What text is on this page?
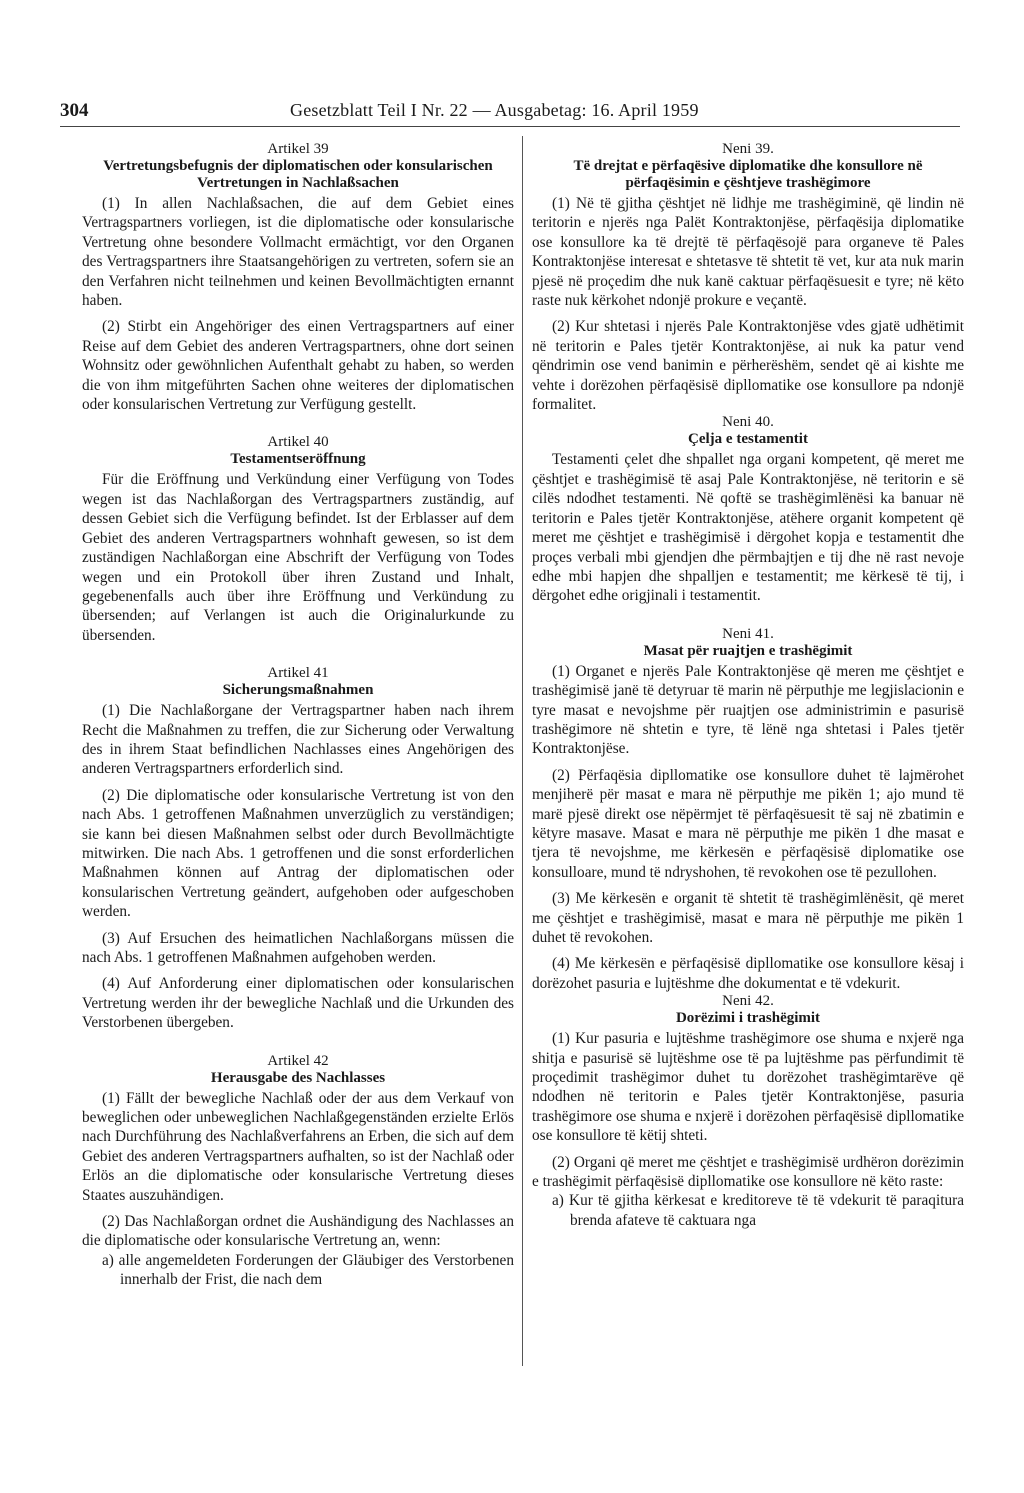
304	Gesetzblatt Teil I Nr. 22 — Ausgabetag: 16. April 1959

Artikel 39

Vertretungsbefugnis der diplomatischen oder konsularischen Vertretungen in Nachlaßsachen

(1) In allen Nachlaßsachen, die auf dem Gebiet eines Vertragspartners vorliegen, ist die diplomatische oder konsularische Vertretung ohne besondere Vollmacht ermächtigt, vor den Organen des Vertragspartners ihre Staatsangehörigen zu vertreten, sofern sie an den Verfahren nicht teilnehmen und keinen Bevollmächtigten ernannt haben.

(2) Stirbt ein Angehöriger des einen Vertragspartners auf einer Reise auf dem Gebiet des anderen Vertragspartners, ohne dort seinen Wohnsitz oder gewöhnlichen Aufenthalt gehabt zu haben, so werden die von ihm mitgeführten Sachen ohne weiteres der diplomatischen oder konsularischen Vertretung zur Verfügung gestellt.

Artikel 40

Testamentseröffnung

Für die Eröffnung und Verkündung einer Verfügung von Todes wegen ist das Nachlaßorgan des Vertragspartners zuständig, auf dessen Gebiet sich die Verfügung befindet. Ist der Erblasser auf dem Gebiet des anderen Vertragspartners wohnhaft gewesen, so ist dem zuständigen Nachlaßorgan eine Abschrift der Verfügung von Todes wegen und ein Protokoll über ihren Zustand und Inhalt, gegebenenfalls auch über ihre Eröffnung und Verkündung zu übersenden; auf Verlangen ist auch die Originalurkunde zu übersenden.

Artikel 41

Sicherungsmaßnahmen

(1) Die Nachlaßorgane der Vertragspartner haben nach ihrem Recht die Maßnahmen zu treffen, die zur Sicherung oder Verwaltung des in ihrem Staat befindlichen Nachlasses eines Angehörigen des anderen Vertragspartners erforderlich sind.

(2) Die diplomatische oder konsularische Vertretung ist von den nach Abs. 1 getroffenen Maßnahmen unverzüglich zu verständigen; sie kann bei diesen Maßnahmen selbst oder durch Bevollmächtigte mitwirken. Die nach Abs. 1 getroffenen und die sonst erforderlichen Maßnahmen können auf Antrag der diplomatischen oder konsularischen Vertretung geändert, aufgehoben oder aufgeschoben werden.

(3) Auf Ersuchen des heimatlichen Nachlaßorgans müssen die nach Abs. 1 getroffenen Maßnahmen aufgehoben werden.

(4) Auf Anforderung einer diplomatischen oder konsularischen Vertretung werden ihr der bewegliche Nachlaß und die Urkunden des Verstorbenen übergeben.

Artikel 42

Herausgabe des Nachlasses

(1) Fällt der bewegliche Nachlaß oder der aus dem Verkauf von beweglichen oder unbeweglichen Nachlaßgegenständen erzielte Erlös nach Durchführung des Nachlaßverfahrens an Erben, die sich auf dem Gebiet des anderen Vertragspartners aufhalten, so ist der Nachlaß oder Erlös an die diplomatische oder konsularische Vertretung dieses Staates auszuhändigen.

(2) Das Nachlaßorgan ordnet die Aushändigung des Nachlasses an die diplomatische oder konsularische Vertretung an, wenn:

a) alle angemeldeten Forderungen der Gläubiger des Verstorbenen innerhalb der Frist, die nach dem

Neni 39.

Të drejtat e përfaqësive diplomatike dhe konsullore në përfaqësimin e çështjeve trashëgimore

(1) Në të gjitha çështjet në lidhje me trashëgiminë, që lindin në teritorin e njerës nga Palët Kontraktonjëse, përfaqësija diplomatike ose konsullore ka të drejtë të përfaqësojë para organeve të Pales Kontraktonjëse interesat e shtetasve të shtetit të vet, kur ata nuk marin pjesë në proçedim dhe nuk kanë caktuar përfaqësuesit e tyre; në këto raste nuk kërkohet ndonjë prokure e veçantë.

(2) Kur shtetasi i njerës Pale Kontraktonjëse vdes gjatë udhëtimit në teritorin e Pales tjetër Kontraktonjëse, ai nuk ka patur vend qëndrimin ose vend banimin e përherëshëm, sendet që ai kishte me vehte i dorëzohen përfaqësisë dipllomatike ose konsullore pa ndonjë formalitet.

Neni 40.

Çelja e testamentit

Testamenti çelet dhe shpallet nga organi kompetent, që meret me çështjet e trashëgimisë të asaj Pale Kontraktonjëse, në teritorin e së cilës ndodhet testamenti. Në qoftë se trashëgimlënësi ka banuar në teritorin e Pales tjetër Kontraktonjëse, atëhere organit kompetent që meret me çështjet e trashëgimisë i dërgohet kopja e testamentit dhe proçes verbali mbi gjendjen dhe përmbajtjen e tij dhe në rast nevoje edhe mbi hapjen dhe shpalljen e testamentit; me kërkesë të tij, i dërgohet edhe origjinali i testamentit.

Neni 41.

Masat për ruajtjen e trashëgimit

(1) Organet e njerës Pale Kontraktonjëse që meren me çështjet e trashëgimisë janë të detyruar të marin në përputhje me legjislacionin e tyre masat e nevojshme për ruajtjen ose administrimin e pasurisë trashëgimore në shtetin e tyre, të lënë nga shtetasi i Pales tjetër Kontraktonjëse.

(2) Përfaqësia dipllomatike ose konsullore duhet të lajmërohet menjiherë për masat e mara në përputhje me pikën 1; ajo mund të marë pjesë direkt ose nëpërmjet të përfaqësuesit të saj në zbatimin e këtyre masave. Masat e mara në përputhje me pikën 1 dhe masat e tjera të nevojshme, me kërkesën e përfaqësisë diplomatike ose konsulloare, mund të ndryshohen, të revokohen ose të pezullohen.

(3) Me kërkesën e organit të shtetit të trashëgimlënësit, që meret me çështjet e trashëgimisë, masat e mara në përputhje me pikën 1 duhet të revokohen.

(4) Me kërkesën e përfaqësisë dipllomatike ose konsullore kësaj i dorëzohet pasuria e lujtëshme dhe dokumentat e të vdekurit.

Neni 42.

Dorëzimi i trashëgimit

(1) Kur pasuria e lujtëshme trashëgimore ose shuma e nxjerë nga shitja e pasurisë së lujtëshme ose të pa lujtëshme pas përfundimit të proçedimit trashëgimor duhet tu dorëzohet trashëgimtarëve që ndodhen në teritorin e Pales tjetër Kontraktonjëse, pasuria trashëgimore ose shuma e nxjerë i dorëzohen përfaqësisë dipllomatike ose konsullore të këtij shteti.

(2) Organi që meret me çështjet e trashëgimisë urdhëron dorëzimin e trashëgimit përfaqësisë dipllomatike ose konsullore në këto raste:

a) Kur të gjitha kërkesat e kreditoreve të të vdekurit të paraqitura brenda afateve të caktuara nga
